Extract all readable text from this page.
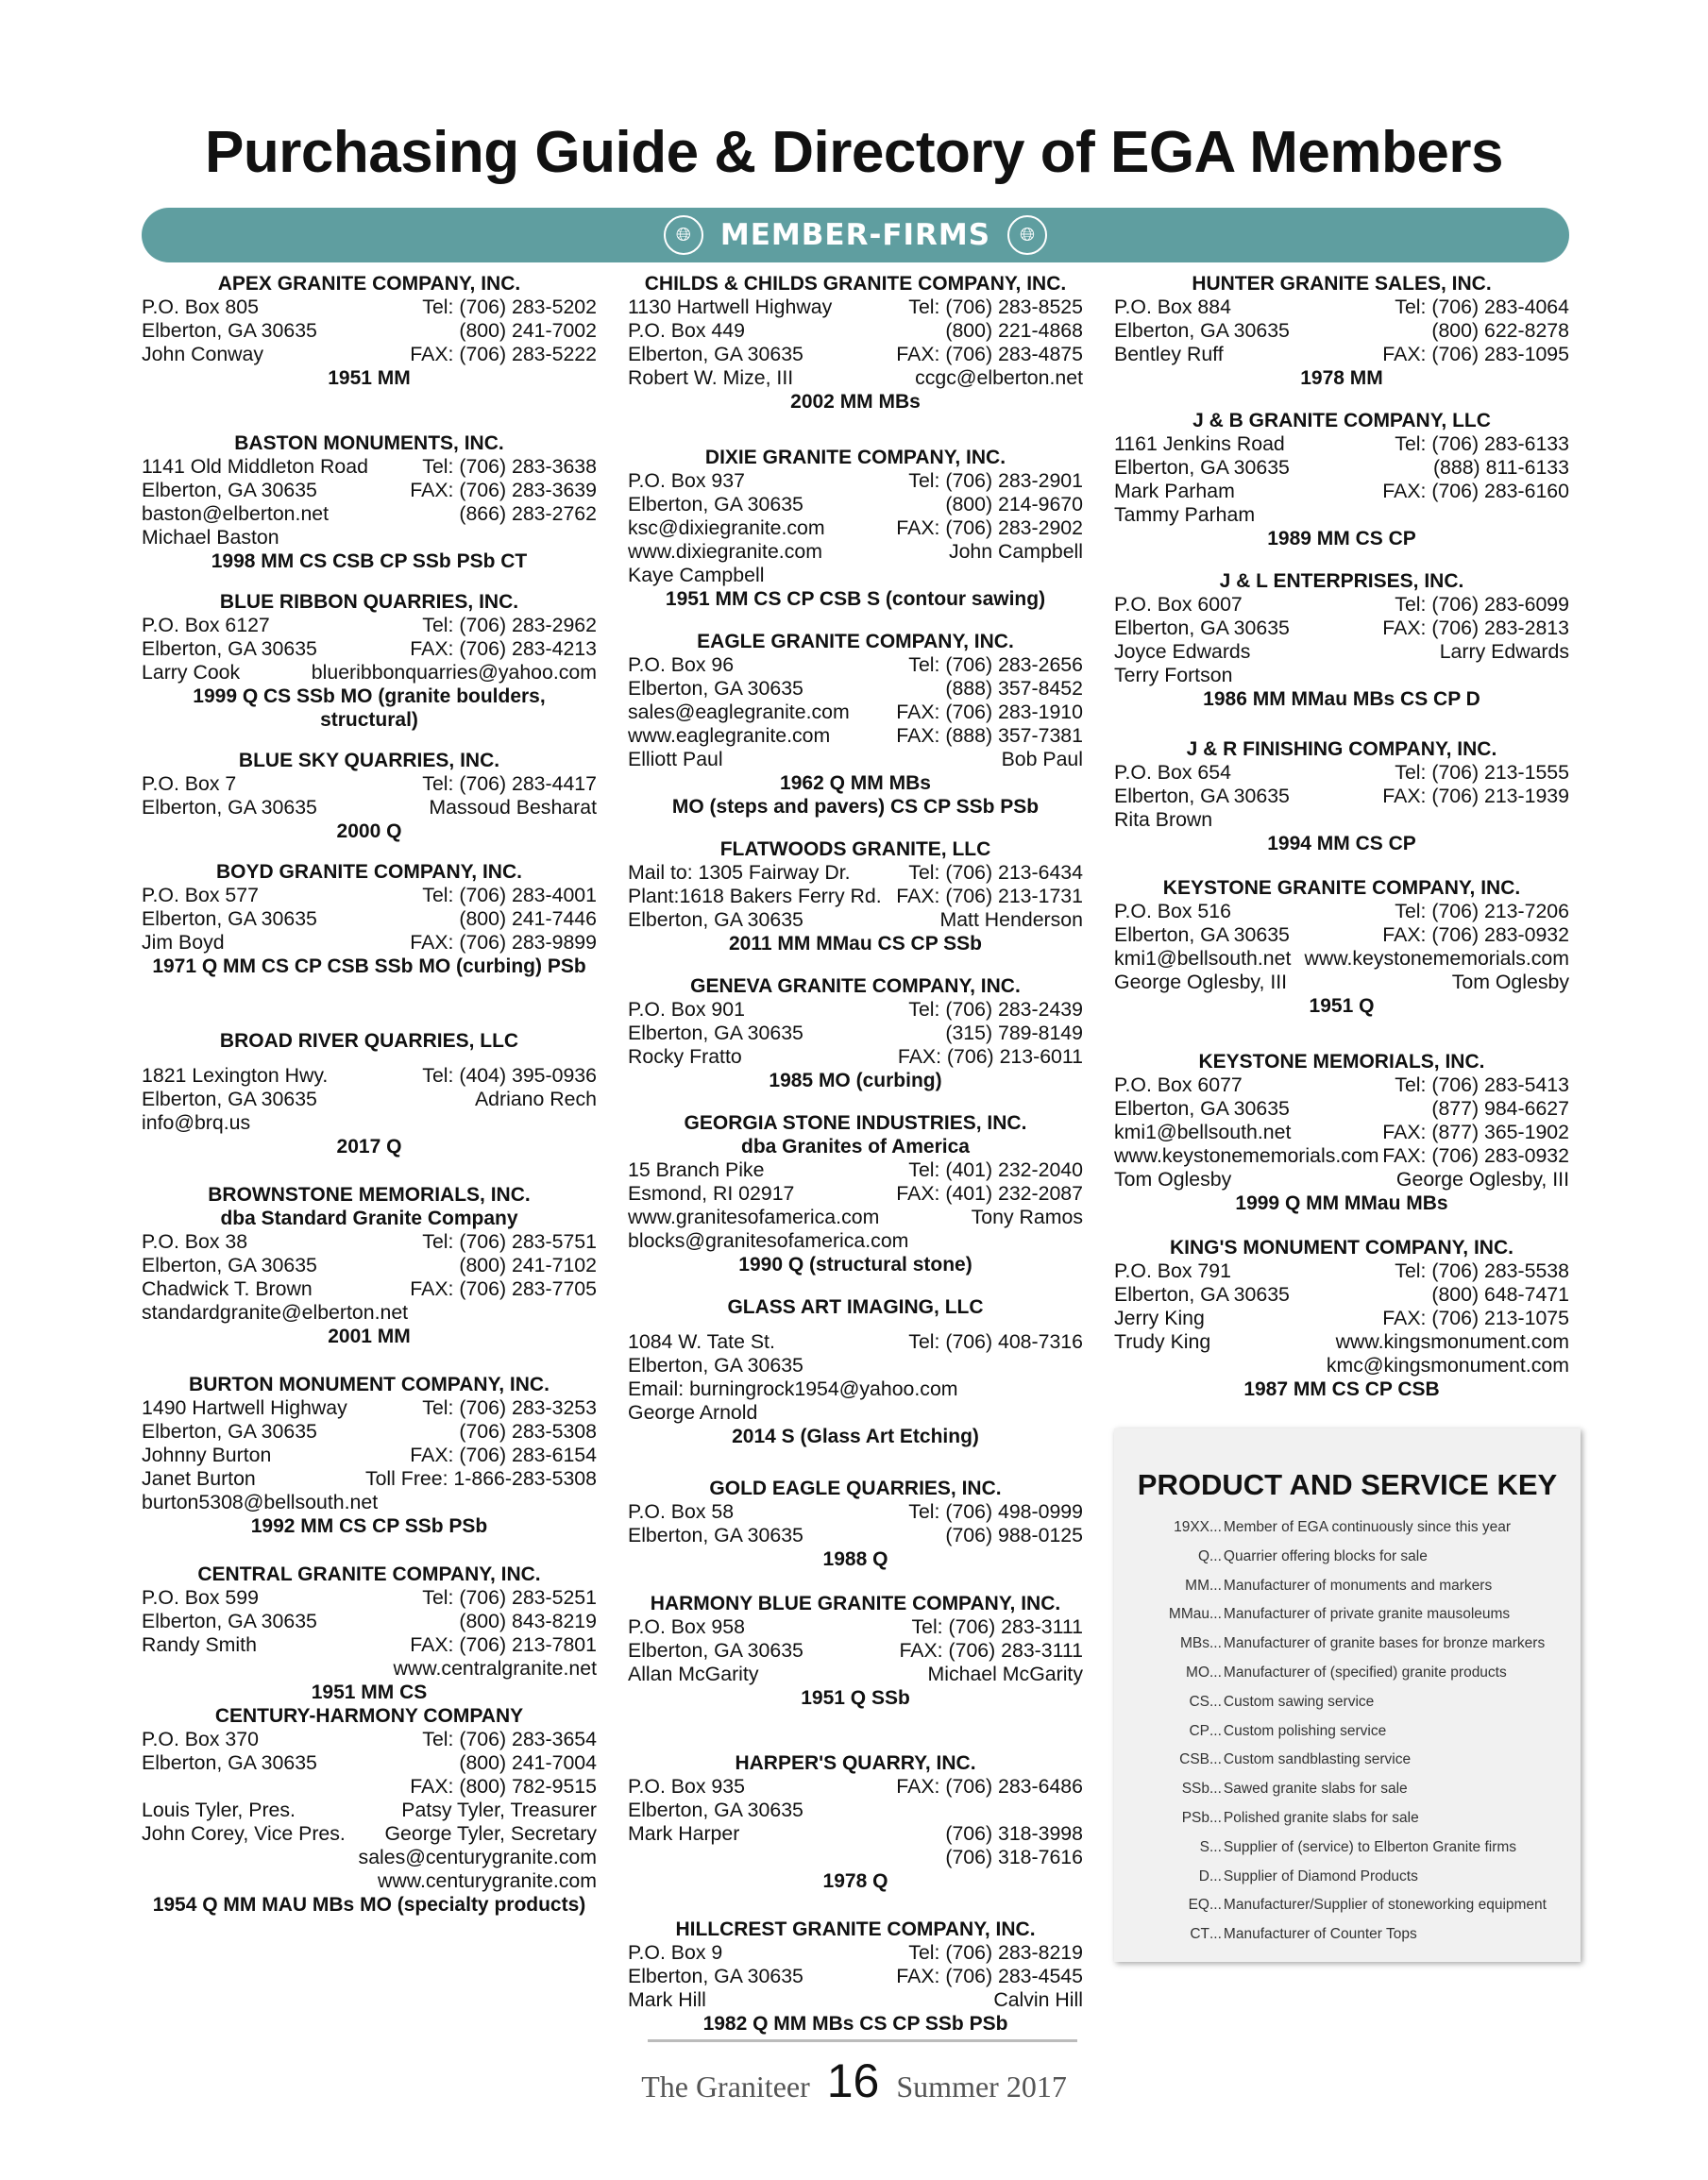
Purchasing Guide & Directory of EGA Members
🌐︎	MEMBER-FIRMS	🌐︎
APEX GRANITE COMPANY, INC.
P.O. Box 805	Tel: (706) 283-5202
Elberton, GA 30635	(800) 241-7002
John Conway	FAX: (706) 283-5222
1951 MM
BASTON MONUMENTS, INC.
1141 Old Middleton Road	Tel: (706) 283-3638
Elberton, GA 30635	FAX: (706) 283-3639
baston@elberton.net	(866) 283-2762
Michael Baston
1998 MM CS CSB CP SSb PSb CT
BLUE RIBBON QUARRIES, INC.
P.O. Box 6127	Tel: (706) 283-2962
Elberton, GA 30635	FAX: (706) 283-4213
Larry Cook	blueribbonquarries@yahoo.com
1999 Q CS SSb MO (granite boulders,
structural)
BLUE SKY QUARRIES, INC.
P.O. Box 7	Tel: (706) 283-4417
Elberton, GA 30635	Massoud Besharat
2000 Q
BOYD GRANITE COMPANY, INC.
P.O. Box 577	Tel: (706) 283-4001
Elberton, GA 30635	(800) 241-7446
Jim Boyd	FAX: (706) 283-9899
1971 Q MM CS CP CSB SSb MO (curbing) PSb
BROAD RIVER QUARRIES, LLC
1821 Lexington Hwy.	Tel: (404) 395-0936
Elberton, GA 30635	Adriano Rech
info@brq.us
2017 Q
BROWNSTONE MEMORIALS, INC.
dba Standard Granite Company
P.O. Box 38	Tel: (706) 283-5751
Elberton, GA 30635	(800) 241-7102
Chadwick T. Brown	FAX: (706) 283-7705
standardgranite@elberton.net
2001 MM
BURTON MONUMENT COMPANY, INC.
1490 Hartwell Highway	Tel: (706) 283-3253
Elberton, GA 30635	(706) 283-5308
Johnny Burton	FAX: (706) 283-6154
Janet Burton	Toll Free: 1-866-283-5308
burton5308@bellsouth.net
1992 MM CS CP SSb PSb
CENTRAL GRANITE COMPANY, INC.
P.O. Box 599	Tel: (706) 283-5251
Elberton, GA 30635	(800) 843-8219
Randy Smith	FAX: (706) 213-7801
www.centralgranite.net
1951 MM CS
CENTURY-HARMONY COMPANY
P.O. Box 370	Tel: (706) 283-3654
Elberton, GA 30635	(800) 241-7004
FAX: (800) 782-9515
Louis Tyler, Pres.	Patsy Tyler, Treasurer
John Corey, Vice Pres. George Tyler, Secretary
sales@centurygranite.com
www.centurygranite.com
1954 Q MM MAU MBs MO (specialty products)
CHILDS & CHILDS GRANITE COMPANY, INC.
1130 Hartwell Highway	Tel: (706) 283-8525
P.O. Box 449	(800) 221-4868
Elberton, GA 30635	FAX: (706) 283-4875
Robert W. Mize, III	ccgc@elberton.net
2002 MM MBs
DIXIE GRANITE COMPANY, INC.
P.O. Box 937	Tel: (706) 283-2901
Elberton, GA 30635	(800) 214-9670
ksc@dixiegranite.com	FAX: (706) 283-2902
www.dixiegranite.com	John Campbell
Kaye Campbell
1951 MM CS CP CSB S (contour sawing)
EAGLE GRANITE COMPANY, INC.
P.O. Box 96	Tel: (706) 283-2656
Elberton, GA 30635	(888) 357-8452
sales@eaglegranite.com FAX: (706) 283-1910
www.eaglegranite.com	FAX: (888) 357-7381
Elliott Paul	Bob Paul
1962 Q MM MBs
MO (steps and pavers) CS CP SSb PSb
FLATWOODS GRANITE, LLC
Mail to: 1305 Fairway Dr.	Tel: (706) 213-6434
Plant:1618 Bakers Ferry Rd. FAX: (706) 213-1731
Elberton, GA 30635	Matt Henderson
2011 MM MMau CS CP SSb
GENEVA GRANITE COMPANY, INC.
P.O. Box 901	Tel: (706) 283-2439
Elberton, GA 30635	(315) 789-8149
Rocky Fratto	FAX: (706) 213-6011
1985 MO (curbing)
GEORGIA STONE INDUSTRIES, INC.
dba Granites of America
15 Branch Pike	Tel: (401) 232-2040
Esmond, RI 02917	FAX: (401) 232-2087
www.granitesofamerica.com	Tony Ramos
blocks@granitesofamerica.com
1990 Q (structural stone)
GLASS ART IMAGING, LLC
1084 W. Tate St.	Tel: (706) 408-7316
Elberton, GA 30635
Email: burningrock1954@yahoo.com
George Arnold
2014 S (Glass Art Etching)
GOLD EAGLE QUARRIES, INC.
P.O. Box 58	Tel: (706) 498-0999
Elberton, GA 30635	(706) 988-0125
1988 Q
HARMONY BLUE GRANITE COMPANY, INC.
P.O. Box 958	Tel: (706) 283-3111
Elberton, GA 30635	FAX: (706) 283-3111
Allan McGarity	Michael McGarity
1951 Q SSb
HARPER'S QUARRY, INC.
P.O. Box 935	FAX: (706) 283-6486
Elberton, GA 30635
Mark Harper	(706) 318-3998
(706) 318-7616
1978 Q
HILLCREST GRANITE COMPANY, INC.
P.O. Box 9	Tel: (706) 283-8219
Elberton, GA 30635	FAX: (706) 283-4545
Mark Hill	Calvin Hill
1982 Q MM MBs CS CP SSb PSb
HUNTER GRANITE SALES, INC.
P.O. Box 884	Tel: (706) 283-4064
Elberton, GA 30635	(800) 622-8278
Bentley Ruff	FAX: (706) 283-1095
1978 MM
J & B GRANITE COMPANY, LLC
1161 Jenkins Road	Tel: (706) 283-6133
Elberton, GA 30635	(888) 811-6133
Mark Parham	FAX: (706) 283-6160
Tammy Parham
1989 MM CS CP
J & L ENTERPRISES, INC.
P.O. Box 6007	Tel: (706) 283-6099
Elberton, GA 30635	FAX: (706) 283-2813
Joyce Edwards	Larry Edwards
Terry Fortson
1986 MM MMau MBs CS CP D
J & R FINISHING COMPANY, INC.
P.O. Box 654	Tel: (706) 213-1555
Elberton, GA 30635	FAX: (706) 213-1939
Rita Brown
1994 MM CS CP
KEYSTONE GRANITE COMPANY, INC.
P.O. Box 516	Tel: (706) 213-7206
Elberton, GA 30635	FAX: (706) 283-0932
kmi1@bellsouth.net www.keystonememorials.com
George Oglesby, III	Tom Oglesby
1951 Q
KEYSTONE MEMORIALS, INC.
P.O. Box 6077	Tel: (706) 283-5413
Elberton, GA 30635	(877) 984-6627
kmi1@bellsouth.net	FAX: (877) 365-1902
www.keystonememorials.com FAX: (706) 283-0932
Tom Oglesby	George Oglesby, III
1999 Q MM MMau MBs
KING'S MONUMENT COMPANY, INC.
P.O. Box 791	Tel: (706) 283-5538
Elberton, GA 30635	(800) 648-7471
Jerry King	FAX: (706) 213-1075
Trudy King	www.kingsmonument.com
kmc@kingsmonument.com
1987 MM CS CP CSB
PRODUCT AND SERVICE KEY
19XX ... Member of EGA continuously since this year
Q ... Quarrier offering blocks for sale
MM ... Manufacturer of monuments and markers
MMau ... Manufacturer of private granite mausoleums
MBs ... Manufacturer of granite bases for bronze markers
MO ... Manufacturer of (specified) granite products
CS ... Custom sawing service
CP ... Custom polishing service
CSB ... Custom sandblasting service
SSb ... Sawed granite slabs for sale
PSb ... Polished granite slabs for sale
S ... Supplier of (service) to Elberton Granite firms
D ... Supplier of Diamond Products
EQ ... Manufacturer/Supplier of stoneworking equipment
CT ... Manufacturer of Counter Tops
The Graniteer 16 Summer 2017
